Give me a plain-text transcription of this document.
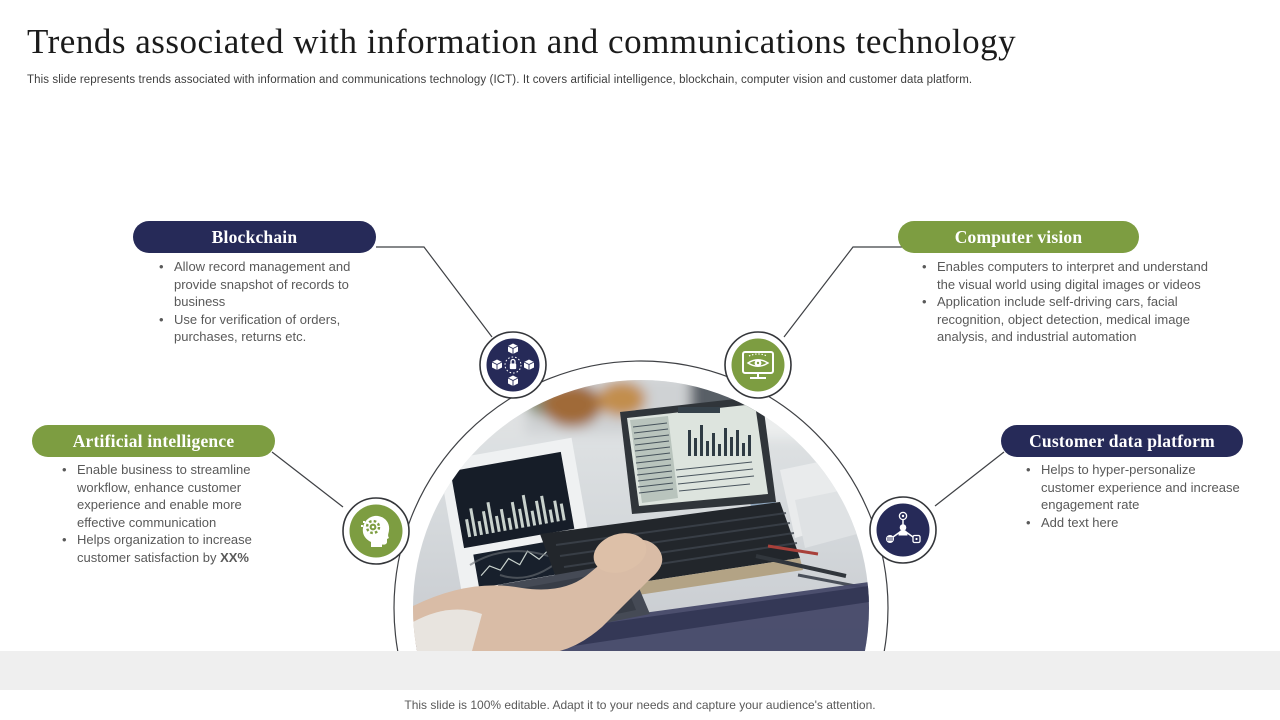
Trends associated with information and communications technology

This slide represents trends associated with information and communications technology (ICT). It covers artificial intelligence, blockchain, computer vision and customer data platform.

Blockchain	Computer vision
Artificial intelligence	Customer data platform
• Allow record management and provide snapshot of records to business
• Use for verification of orders, purchases, returns etc.
• Enables computers to interpret and understand the visual world using digital images or videos
• Application include self-driving cars, facial recognition, object detection, medical image analysis, and industrial automation
• Enable business to streamline workflow, enhance customer experience and enable more effective communication
• Helps organization to increase customer satisfaction by XX%
• Helps to hyper-personalize customer experience and increase engagement rate
• Add text here
This slide is 100% editable. Adapt it to your needs and capture your audience's attention.
